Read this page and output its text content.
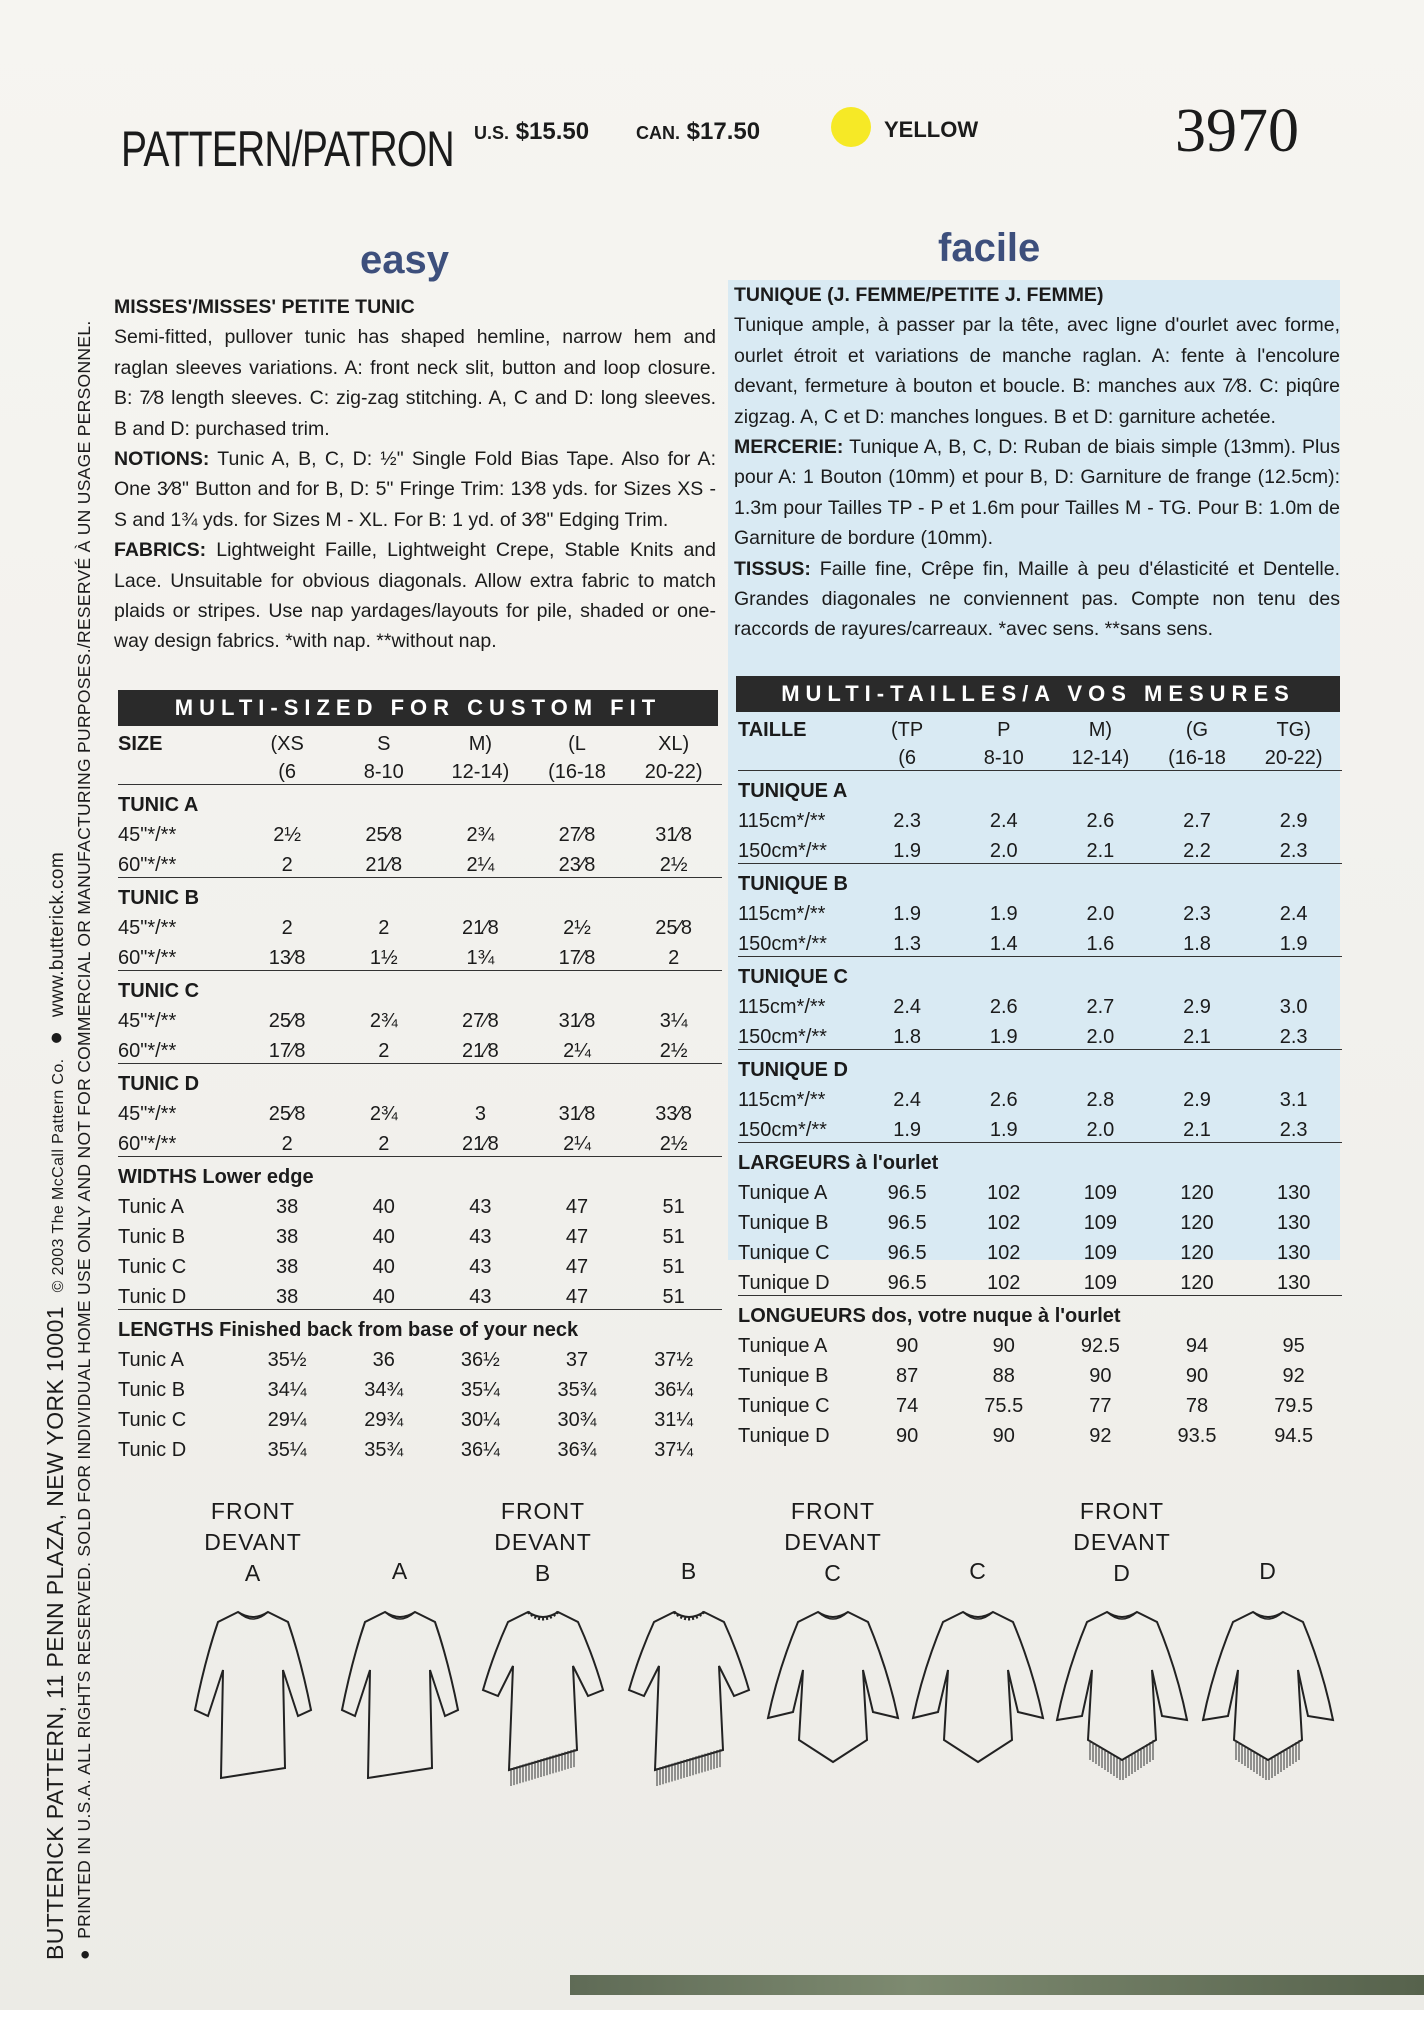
PATTERN/PATRON U.S. $15.50	CAN. $17.50	YELLOW	3970
easy	facile

MISSES'/MISSES' PETITE TUNIC

Semi-fitted, pullover tunic has shaped hemline, narrow hem and raglan sleeves variations. A: front neck slit, button and loop closure. B: 7⁄8 length sleeves. C: zig-zag stitching. A, C and D: long sleeves. B and D: purchased trim.

NOTIONS: Tunic A, B, C, D: ½" Single Fold Bias Tape. Also for A: One 3⁄8" Button and for B, D: 5" Fringe Trim: 13⁄8 yds. for Sizes XS - S and 1¾ yds. for Sizes M - XL. For B: 1 yd. of 3⁄8" Edging Trim.

FABRICS: Lightweight Faille, Lightweight Crepe, Stable Knits and Lace. Unsuitable for obvious diagonals. Allow extra fabric to match plaids or stripes. Use nap yardages/layouts for pile, shaded or one-way design fabrics. *with nap. **without nap.

TUNIQUE (J. FEMME/PETITE J. FEMME)

Tunique ample, à passer par la tête, avec ligne d'ourlet avec forme, ourlet étroit et variations de manche raglan. A: fente à l'encolure devant, fermeture à bouton et boucle. B: manches aux 7⁄8. C: piqûre zigzag. A, C et D: manches longues. B et D: garniture achetée.

MERCERIE: Tunique A, B, C, D: Ruban de biais simple (13mm). Plus pour A: 1 Bouton (10mm) et pour B, D: Garniture de frange (12.5cm): 1.3m pour Tailles TP - P et 1.6m pour Tailles M - TG. Pour B: 1.0m de Garniture de bordure (10mm).

TISSUS: Faille fine, Crêpe fin, Maille à peu d'élasticité et Dentelle. Grandes diagonales ne conviennent pas. Compte non tenu des raccords de rayures/carreaux. *avec sens. **sans sens.

MULTI-SIZED FOR CUSTOM FIT
MULTI-TAILLES/A VOS MESURES
SIZE	(XS	S	M)	(L	XL)
	(6	8-10	12-14)	(16-18	20-22)
TUNIC A					
45"*/**	2½	25⁄8	2¾	27⁄8	31⁄8
60"*/**	2	21⁄8	2¼	23⁄8	2½
TUNIC B					
45"*/**	2	2	21⁄8	2½	25⁄8
60"*/**	13⁄8	1½	1¾	17⁄8	2
TUNIC C					
45"*/**	25⁄8	2¾	27⁄8	31⁄8	3¼
60"*/**	17⁄8	2	21⁄8	2¼	2½
TUNIC D					
45"*/**	25⁄8	2¾	3	31⁄8	33⁄8
60"*/**	2	2	21⁄8	2¼	2½
WIDTHS Lower edge					
Tunic A	38	40	43	47	51
Tunic B	38	40	43	47	51
Tunic C	38	40	43	47	51
Tunic D	38	40	43	47	51
LENGTHS Finished back from base of your neck					
Tunic A	35½	36	36½	37	37½
Tunic B	34¼	34¾	35¼	35¾	36¼
Tunic C	29¼	29¾	30¼	30¾	31¼
Tunic D	35¼	35¾	36¼	36¾	37¼
TAILLE	(TP	P	M)	(G	TG)
	(6	8-10	12-14)	(16-18	20-22)
TUNIQUE A					
115cm*/**	2.3	2.4	2.6	2.7	2.9
150cm*/**	1.9	2.0	2.1	2.2	2.3
TUNIQUE B					
115cm*/**	1.9	1.9	2.0	2.3	2.4
150cm*/**	1.3	1.4	1.6	1.8	1.9
TUNIQUE C					
115cm*/**	2.4	2.6	2.7	2.9	3.0
150cm*/**	1.8	1.9	2.0	2.1	2.3
TUNIQUE D					
115cm*/**	2.4	2.6	2.8	2.9	3.1
150cm*/**	1.9	1.9	2.0	2.1	2.3
LARGEURS à l'ourlet					
Tunique A	96.5	102	109	120	130
Tunique B	96.5	102	109	120	130
Tunique C	96.5	102	109	120	130
Tunique D	96.5	102	109	120	130
LONGUEURS dos, votre nuque à l'ourlet					
Tunique A	90	90	92.5	94	95
Tunique B	87	88	90	90	92
Tunique C	74	75.5	77	78	79.5
Tunique D	90	90	92	93.5	94.5
BUTTERICK PATTERN, 11 PENN PLAZA, NEW YORK 10001  © 2003 The McCall Pattern Co.  ●  www.butterick.com
●  PRINTED IN U.S.A. ALL RIGHTS RESERVED. SOLD FOR INDIVIDUAL HOME USE ONLY AND NOT FOR COMMERCIAL OR MANUFACTURING PURPOSES./RESERVÉ À UN USAGE PERSONNEL.	FRONT
DEVANT
A	A
FRONT
DEVANT
B	B
FRONT
DEVANT
C	C
FRONT
DEVANT
D	D
